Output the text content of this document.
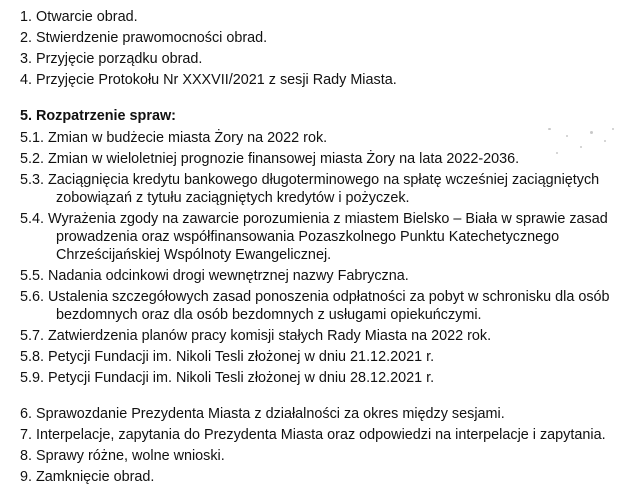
1. Otwarcie obrad.
2. Stwierdzenie prawomocności obrad.
3. Przyjęcie porządku obrad.
4. Przyjęcie Protokołu Nr XXXVII/2021 z sesji Rady Miasta.
5. Rozpatrzenie spraw:
5.1. Zmian w budżecie miasta Żory na 2022 rok.
5.2. Zmian w wieloletniej prognozie finansowej miasta Żory na lata 2022-2036.
5.3. Zaciągnięcia kredytu bankowego długoterminowego na spłatę wcześniej zaciągniętych
zobowiązań z tytułu zaciągniętych kredytów i pożyczek.
5.4. Wyrażenia zgody na zawarcie porozumienia z miastem Bielsko – Biała w sprawie zasad
prowadzenia oraz współfinansowania Pozaszkolnego Punktu Katechetycznego
Chrześcijańskiej Wspólnoty Ewangelicznej.
5.5. Nadania odcinkowi drogi wewnętrznej nazwy Fabryczna.
5.6. Ustalenia szczegółowych zasad ponoszenia odpłatności za pobyt w schronisku dla osób
bezdomnych oraz dla osób bezdomnych z usługami opiekuńczymi.
5.7. Zatwierdzenia planów pracy komisji stałych Rady Miasta na 2022 rok.
5.8. Petycji Fundacji im. Nikoli Tesli złożonej w dniu 21.12.2021 r.
5.9. Petycji Fundacji im. Nikoli Tesli złożonej w dniu 28.12.2021 r.
6. Sprawozdanie Prezydenta Miasta z działalności za okres między sesjami.
7. Interpelacje, zapytania do Prezydenta Miasta oraz odpowiedzi na interpelacje i zapytania.
8. Sprawy różne, wolne wnioski.
9. Zamknięcie obrad.
